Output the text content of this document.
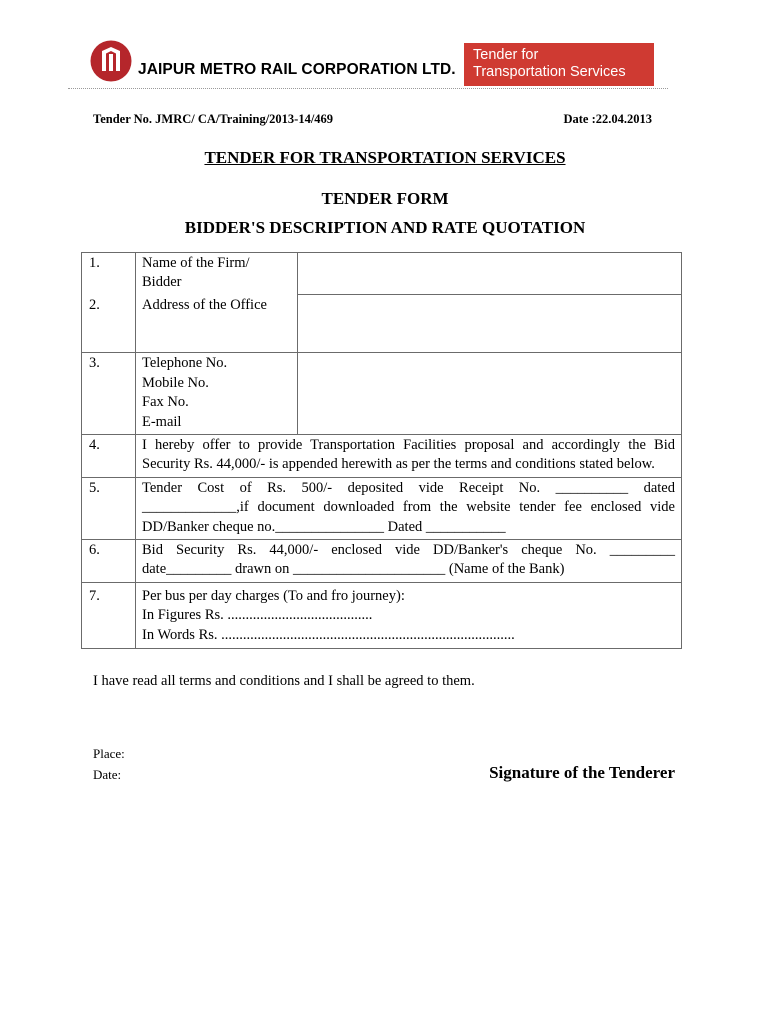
JAIPUR METRO RAIL CORPORATION LTD.
Tender for
Transportation Services
Tender No. JMRC/ CA/Training/2013-14/469	Date :22.04.2013
TENDER FOR TRANSPORTATION SERVICES
TENDER FORM
BIDDER'S DESCRIPTION AND RATE QUOTATION
1.	Name of the Firm/ Bidder	

2.	Address of the Office	
3.	Telephone No.
Mobile No.
Fax No.
E-mail	

4.	I hereby offer to provide Transportation Facilities proposal and accordingly the Bid Security Rs. 44,000/- is appended herewith as per the terms and conditions stated below.	
5.	Tender Cost of Rs. 500/- deposited vide Receipt No. __________ dated
_____________,if document downloaded from the website tender fee enclosed vide
DD/Banker cheque no._______________ Dated ___________	

6.	Bid Security Rs. 44,000/- enclosed vide DD/Banker's cheque No. _________
date_________ drawn on _____________________ (Name of the Bank)	

7.	Per bus per day charges (To and fro journey):
In Figures Rs. ........................................
In Words Rs. .................................................................................	
I have read all terms and conditions and I shall be agreed to them.
Place:
Date:	Signature of the Tenderer
